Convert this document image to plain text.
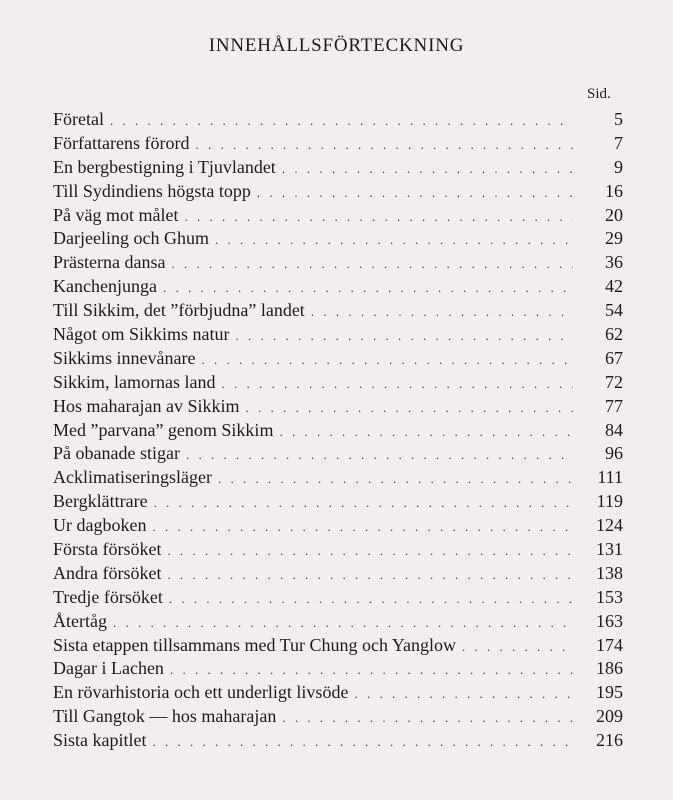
INNEHÅLLSFÖRTECKNING
Sid.
Företal . . .	5
Författarens förord . . .	7
En bergbestigning i Tjuvlandet . . .	9
Till Sydindiens högsta topp . . .	16
På väg mot målet . . .	20
Darjeeling och Ghum . . .	29
Prästerna dansa . . .	36
Kanchenjunga . . .	42
Till Sikkim, det ”förbjudna” landet . . .	54
Något om Sikkims natur . . .	62
Sikkims innevånare . . .	67
Sikkim, lamornas land . . .	72
Hos maharajan av Sikkim . . .	77
Med ”parvana” genom Sikkim . . .	84
På obanade stigar . . .	96
Acklimatiseringsläger . . .	111
Bergklättrare . . .	119
Ur dagboken . . .	124
Första försöket . . .	131
Andra försöket . . .	138
Tredje försöket . . .	153
Återtåg . . .	163
Sista etappen tillsammans med Tur Chung och Yanglow . . .	174
Dagar i Lachen . . .	186
En rövarhistoria och ett underligt livsöde . . .	195
Till Gangtok — hos maharajan . . .	209
Sista kapitlet . . .	216
